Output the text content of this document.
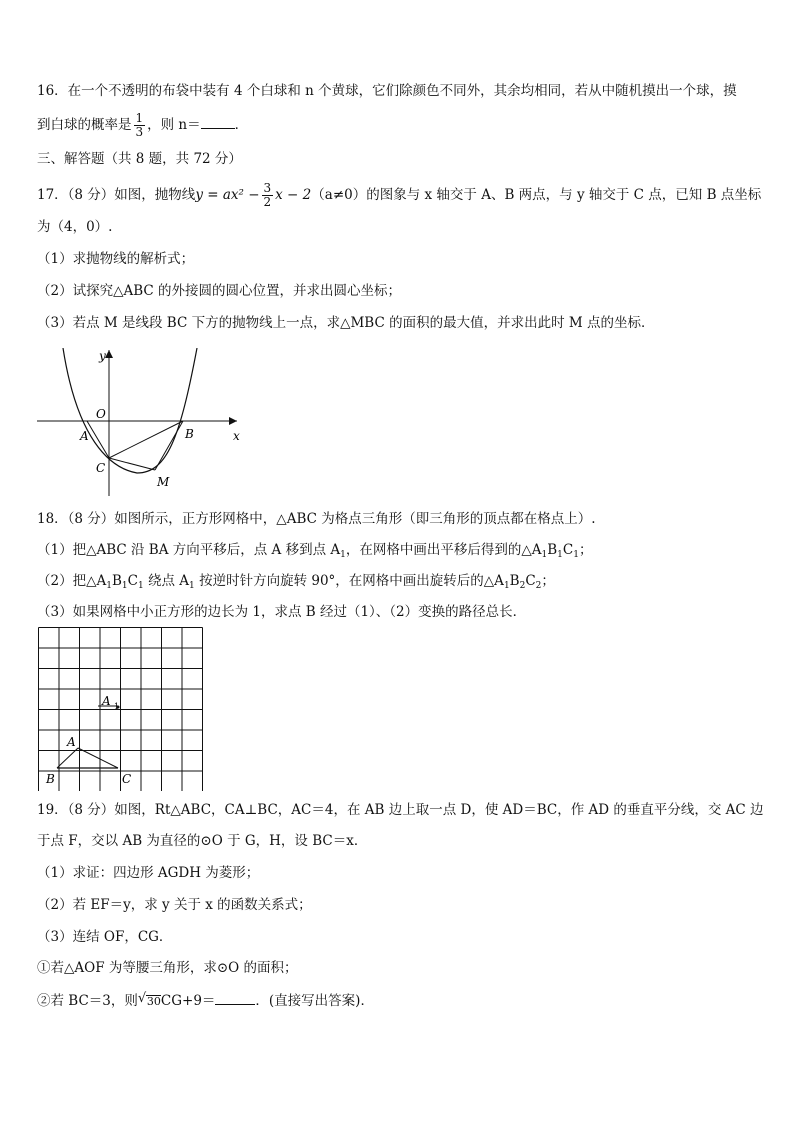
16．在一个不透明的布袋中装有 4 个白球和 n 个黄球，它们除颜色不同外，其余均相同，若从中随机摸出一个球，摸
到白球的概率是 $\frac{1}{3}$ ，则 n＝	．
三、解答题（共 8 题，共 72 分）
17．（8 分）如图，抛物线$y = ax^2 - \frac{3}{2}$ x − 2（a≠0）的图象与 x 轴交于 A、B 两点，与 y 轴交于 C 点，已知 B 点坐标
为（4，0）.
（1）求抛物线的解析式；
（2）试探究△ABC 的外接圆的圆心位置，并求出圆心坐标；
（3）若点 M 是线段 BC 下方的抛物线上一点，求△MBC 的面积的最大值，并求出此时 M 点的坐标．
y
x
O
A	B
C
M
18．（8 分）如图所示，正方形网格中，△ABC 为格点三角形（即三角形的顶点都在格点上）.
（1）把△ABC 沿 BA 方向平移后，点 A 移到点 $A_1$，在网格中画出平移后得到的$\triangle A_1B_1C_1$；
（2）把$\triangle A_1B_1C_1$ 绕点 $A_1$ 按逆时针方向旋转 90°，在网格中画出旋转后的$\triangle A_1B_2C_2$；
（3）如果网格中小正方形的边长为 1，求点 B 经过（1）、（2）变换的路径总长．
A 1
A
B	C
19．（8 分）如图，Rt△ABC，CA⊥BC，AC＝4，在 AB 边上取一点 D，使 AD＝BC，作 AD 的垂直平分线，交 AC 边
于点 F，交以 AB 为直径的⊙O 于 G，H，设 BC＝x．
（1）求证：四边形 AGDH 为菱形；
（2）若 EF＝y，求 y 关于 x 的函数关系式；
（3）连结 OF，CG．
①若△AOF 为等腰三角形，求⊙O 的面积；
②若 BC＝3，则√ 30CG+9＝	．(直接写出答案)．
